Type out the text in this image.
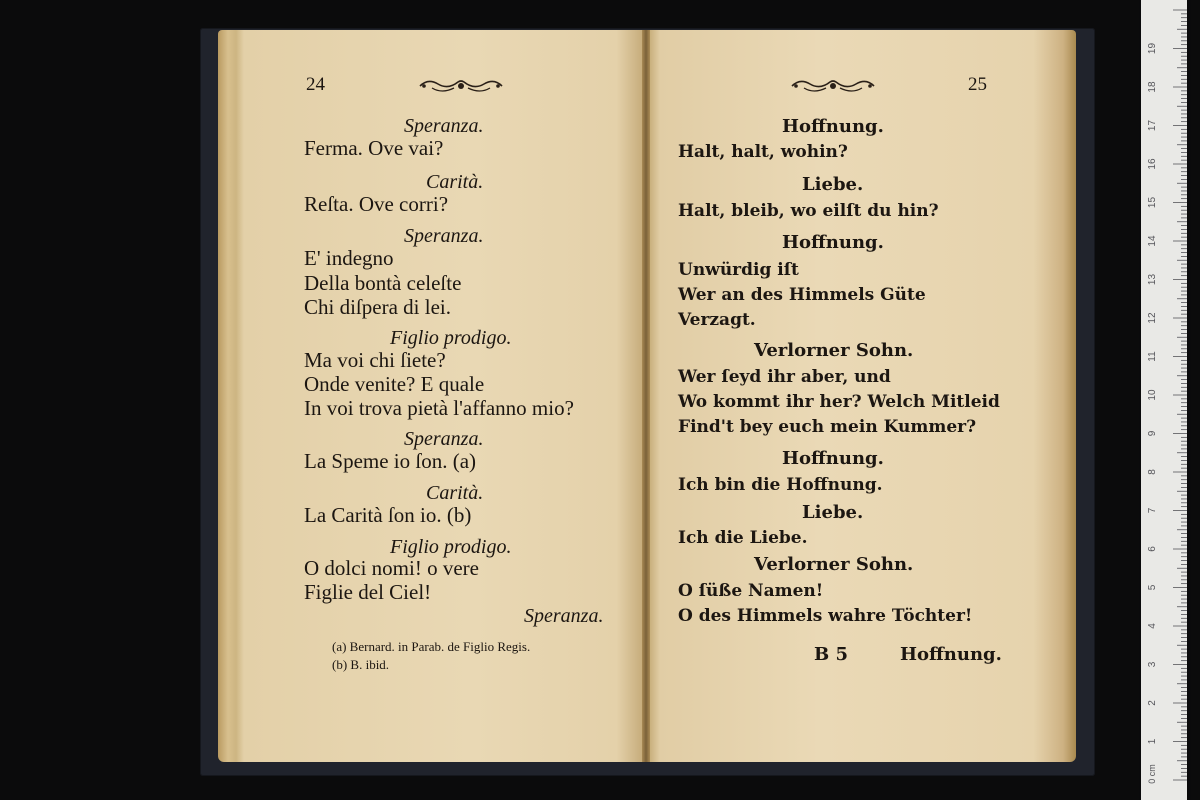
24
Speranza.
Ferma. Ove vai?
Carità.
Reſta. Ove corri?
Speranza.
E' indegno
Della bontà celeſte
Chi diſpera di lei.
Figlio prodigo.
Ma voi chi ſiete?
Onde venite? E quale
In voi trova pietà l'affanno mio?
Speranza.
La Speme io ſon. (a)
Carità.
La Carità ſon io. (b)
Figlio prodigo.
O dolci nomi! o vere
Figlie del Ciel!
Speranza.
(a) Bernard. in Parab. de Figlio Regis.
(b) B. ibid.
25
Hoffnung.
Halt, halt, wohin?
Liebe.
Halt, bleib, wo eilſt du hin?
Hoffnung.
Unwürdig iſt
Wer an des Himmels Güte
Verzagt.
Verlorner Sohn.
Wer ſeyd ihr aber, und
Wo kommt ihr her? Welch Mitleid
Find't bey euch mein Kummer?
Hoffnung.
Ich bin die Hoffnung.
Liebe.
Ich die Liebe.
Verlorner Sohn.
O ſüße Namen!
O des Himmels wahre Töchter!
B 5	Hoffnung.
1
2
3
4
5
6
7
8
9
10
11
12
13
14
15
16
17
18
19
0 cm
